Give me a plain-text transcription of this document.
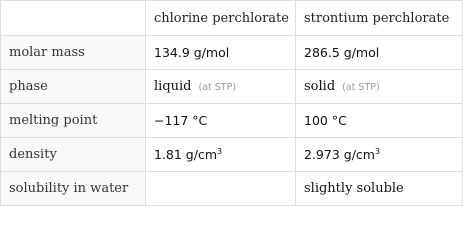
	chlorine perchlorate	strontium perchlorate
molar mass	134.9 g/mol	286.5 g/mol
phase	liquid (at STP)	solid (at STP)
melting point	−117 °C	100 °C
density	1.81 $g/cm^3$	2.973 $g/cm^3$
solubility in water		slightly soluble
